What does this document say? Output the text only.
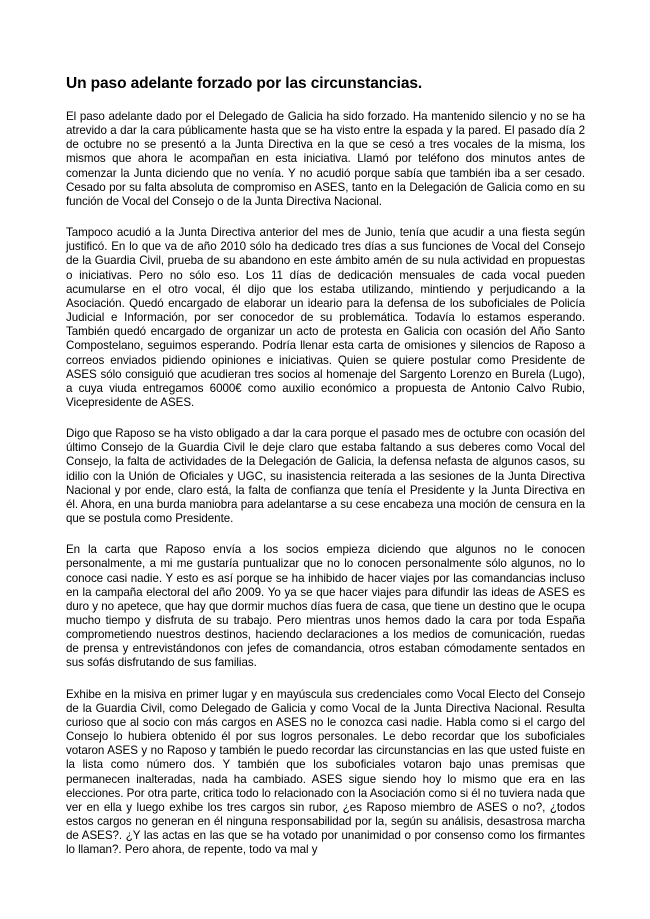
Un paso adelante forzado por las circunstancias.

El paso adelante dado por el Delegado de Galicia ha sido forzado. Ha mantenido silencio y no se ha atrevido a dar la cara públicamente hasta que se ha visto entre la espada y la pared. El pasado día 2 de octubre no se presentó a la Junta Directiva en la que se cesó a tres vocales de la misma, los mismos que ahora le acompañan en esta iniciativa. Llamó por teléfono dos minutos antes de comenzar la Junta diciendo que no venía. Y no acudió porque sabía que también iba a ser cesado. Cesado por su falta absoluta de compromiso en ASES, tanto en la Delegación de Galicia como en su función de Vocal del Consejo o de la Junta Directiva Nacional.

Tampoco acudió a la Junta Directiva anterior del mes de Junio, tenía que acudir a una fiesta según justificó. En lo que va de año 2010 sólo ha dedicado tres días a sus funciones de Vocal del Consejo de la Guardia Civil, prueba de su abandono en este ámbito amén de su nula actividad en propuestas o iniciativas. Pero no sólo eso. Los 11 días de dedicación mensuales de cada vocal pueden acumularse en el otro vocal, él dijo que los estaba utilizando, mintiendo y perjudicando a la Asociación. Quedó encargado de elaborar un ideario para la defensa de los suboficiales de Policía Judicial e Información, por ser conocedor de su problemática. Todavía lo estamos esperando. También quedó encargado de organizar un acto de protesta en Galicia con ocasión del Año Santo Compostelano, seguimos esperando. Podría llenar esta carta de omisiones y silencios de Raposo a correos enviados pidiendo opiniones e iniciativas. Quien se quiere postular como Presidente de ASES sólo consiguió que acudieran tres socios al homenaje del Sargento Lorenzo en Burela (Lugo), a cuya viuda entregamos 6000€ como auxilio económico a propuesta de Antonio Calvo Rubio, Vicepresidente de ASES.

Digo que Raposo se ha visto obligado a dar la cara porque el pasado mes de octubre con ocasión del último Consejo de la Guardia Civil le deje claro que estaba faltando a sus deberes como Vocal del Consejo, la falta de actividades de la Delegación de Galicia, la defensa nefasta de algunos casos, su idilio con la Unión de Oficiales y UGC, su inasistencia reiterada a las sesiones de la Junta Directiva Nacional y por ende, claro está, la falta de confianza que tenía el Presidente y la Junta Directiva en él. Ahora, en una burda maniobra para adelantarse a su cese encabeza una moción de censura en la que se postula como Presidente.

En la carta que Raposo envía a los socios empieza diciendo que algunos no le conocen personalmente, a mi me gustaría puntualizar que no lo conocen personalmente sólo algunos, no lo conoce casi nadie. Y esto es así porque se ha inhibido de hacer viajes por las comandancias incluso en la campaña electoral del año 2009. Yo ya se que hacer viajes para difundir las ideas de ASES es duro y no apetece, que hay que dormir muchos días fuera de casa, que tiene un destino que le ocupa mucho tiempo y disfruta de su trabajo. Pero mientras unos hemos dado la cara por toda España comprometiendo nuestros destinos, haciendo declaraciones a los medios de comunicación, ruedas de prensa y entrevistándonos con jefes de comandancia, otros estaban cómodamente sentados en sus sofás disfrutando de sus familias.

Exhibe en la misiva en primer lugar y en mayúscula sus credenciales como Vocal Electo del Consejo de la Guardia Civil, como Delegado de Galicia y como Vocal de la Junta Directiva Nacional. Resulta curioso que al socio con más cargos en ASES no le conozca casi nadie. Habla como si el cargo del Consejo lo hubiera obtenido él por sus logros personales. Le debo recordar que los suboficiales votaron ASES y no Raposo y también le puedo recordar las circunstancias en las que usted fuiste en la lista como número dos. Y también que los suboficiales votaron bajo unas premisas que permanecen inalteradas, nada ha cambiado. ASES sigue siendo hoy lo mismo que era en las elecciones. Por otra parte, critica todo lo relacionado con la Asociación como si él no tuviera nada que ver en ella y luego exhibe los tres cargos sin rubor, ¿es Raposo miembro de ASES o no?, ¿todos estos cargos no generan en él ninguna responsabilidad por la, según su análisis, desastrosa marcha de ASES?. ¿Y las actas en las que se ha votado por unanimidad o por consenso como los firmantes lo llaman?. Pero ahora, de repente, todo va mal y
